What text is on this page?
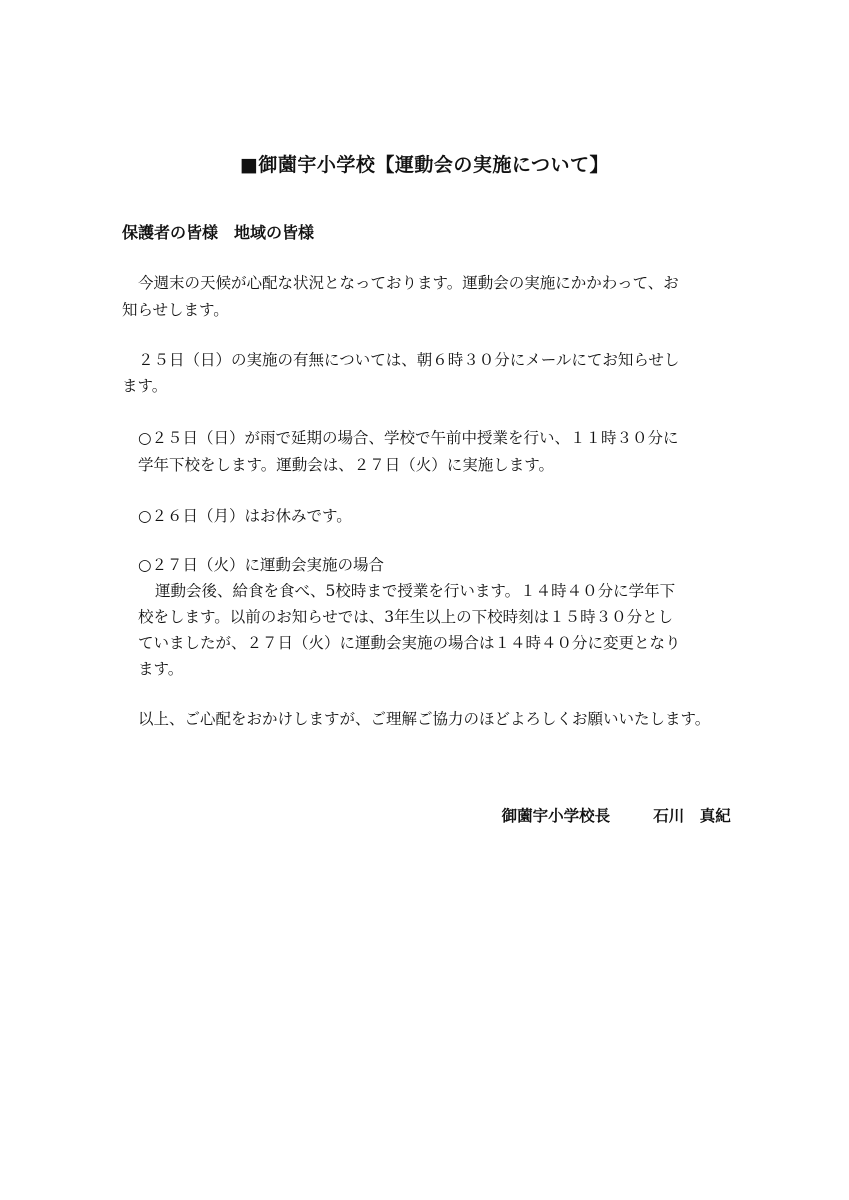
■御薗宇小学校【運動会の実施について】
保護者の皆様　地域の皆様
今週末の天候が心配な状況となっております。運動会の実施にかかわって、お
知らせします。
２５日（日）の実施の有無については、朝６時３０分にメールにてお知らせし
ます。
○２５日（日）が雨で延期の場合、学校で午前中授業を行い、１１時３０分に
学年下校をします。運動会は、２７日（火）に実施します。
○２６日（月）はお休みです。
○２７日（火）に運動会実施の場合
運動会後、給食を食べ、5校時まで授業を行います。１４時４０分に学年下
校をします。以前のお知らせでは、3年生以上の下校時刻は１５時３０分とし
ていましたが、２７日（火）に運動会実施の場合は１４時４０分に変更となり
ます。
以上、ご心配をおかけしますが、ご理解ご協力のほどよろしくお願いいたします。

御薗宇小学校長	石川　真紀
